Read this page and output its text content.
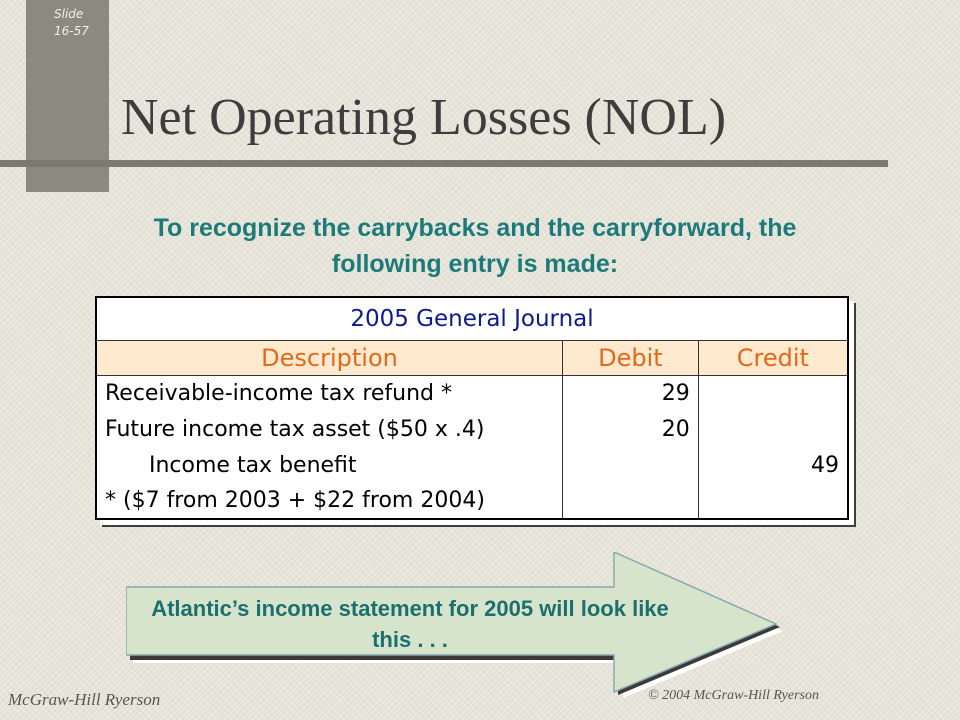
Slide
16-57
Net Operating Losses (NOL)

To recognize the carrybacks and the carryforward, the following entry is made:

2005 General Journal		
Description	Debit	Credit
Receivable-income tax refund *	29	
Future income tax asset ($50 x .4)	20	
Income tax benefit		49
* ($7 from 2003 + $22 from 2004)		

Atlantic’s income statement for 2005 will look like this . . .

McGraw-Hill Ryerson	© 2004 McGraw-Hill Ryerson
